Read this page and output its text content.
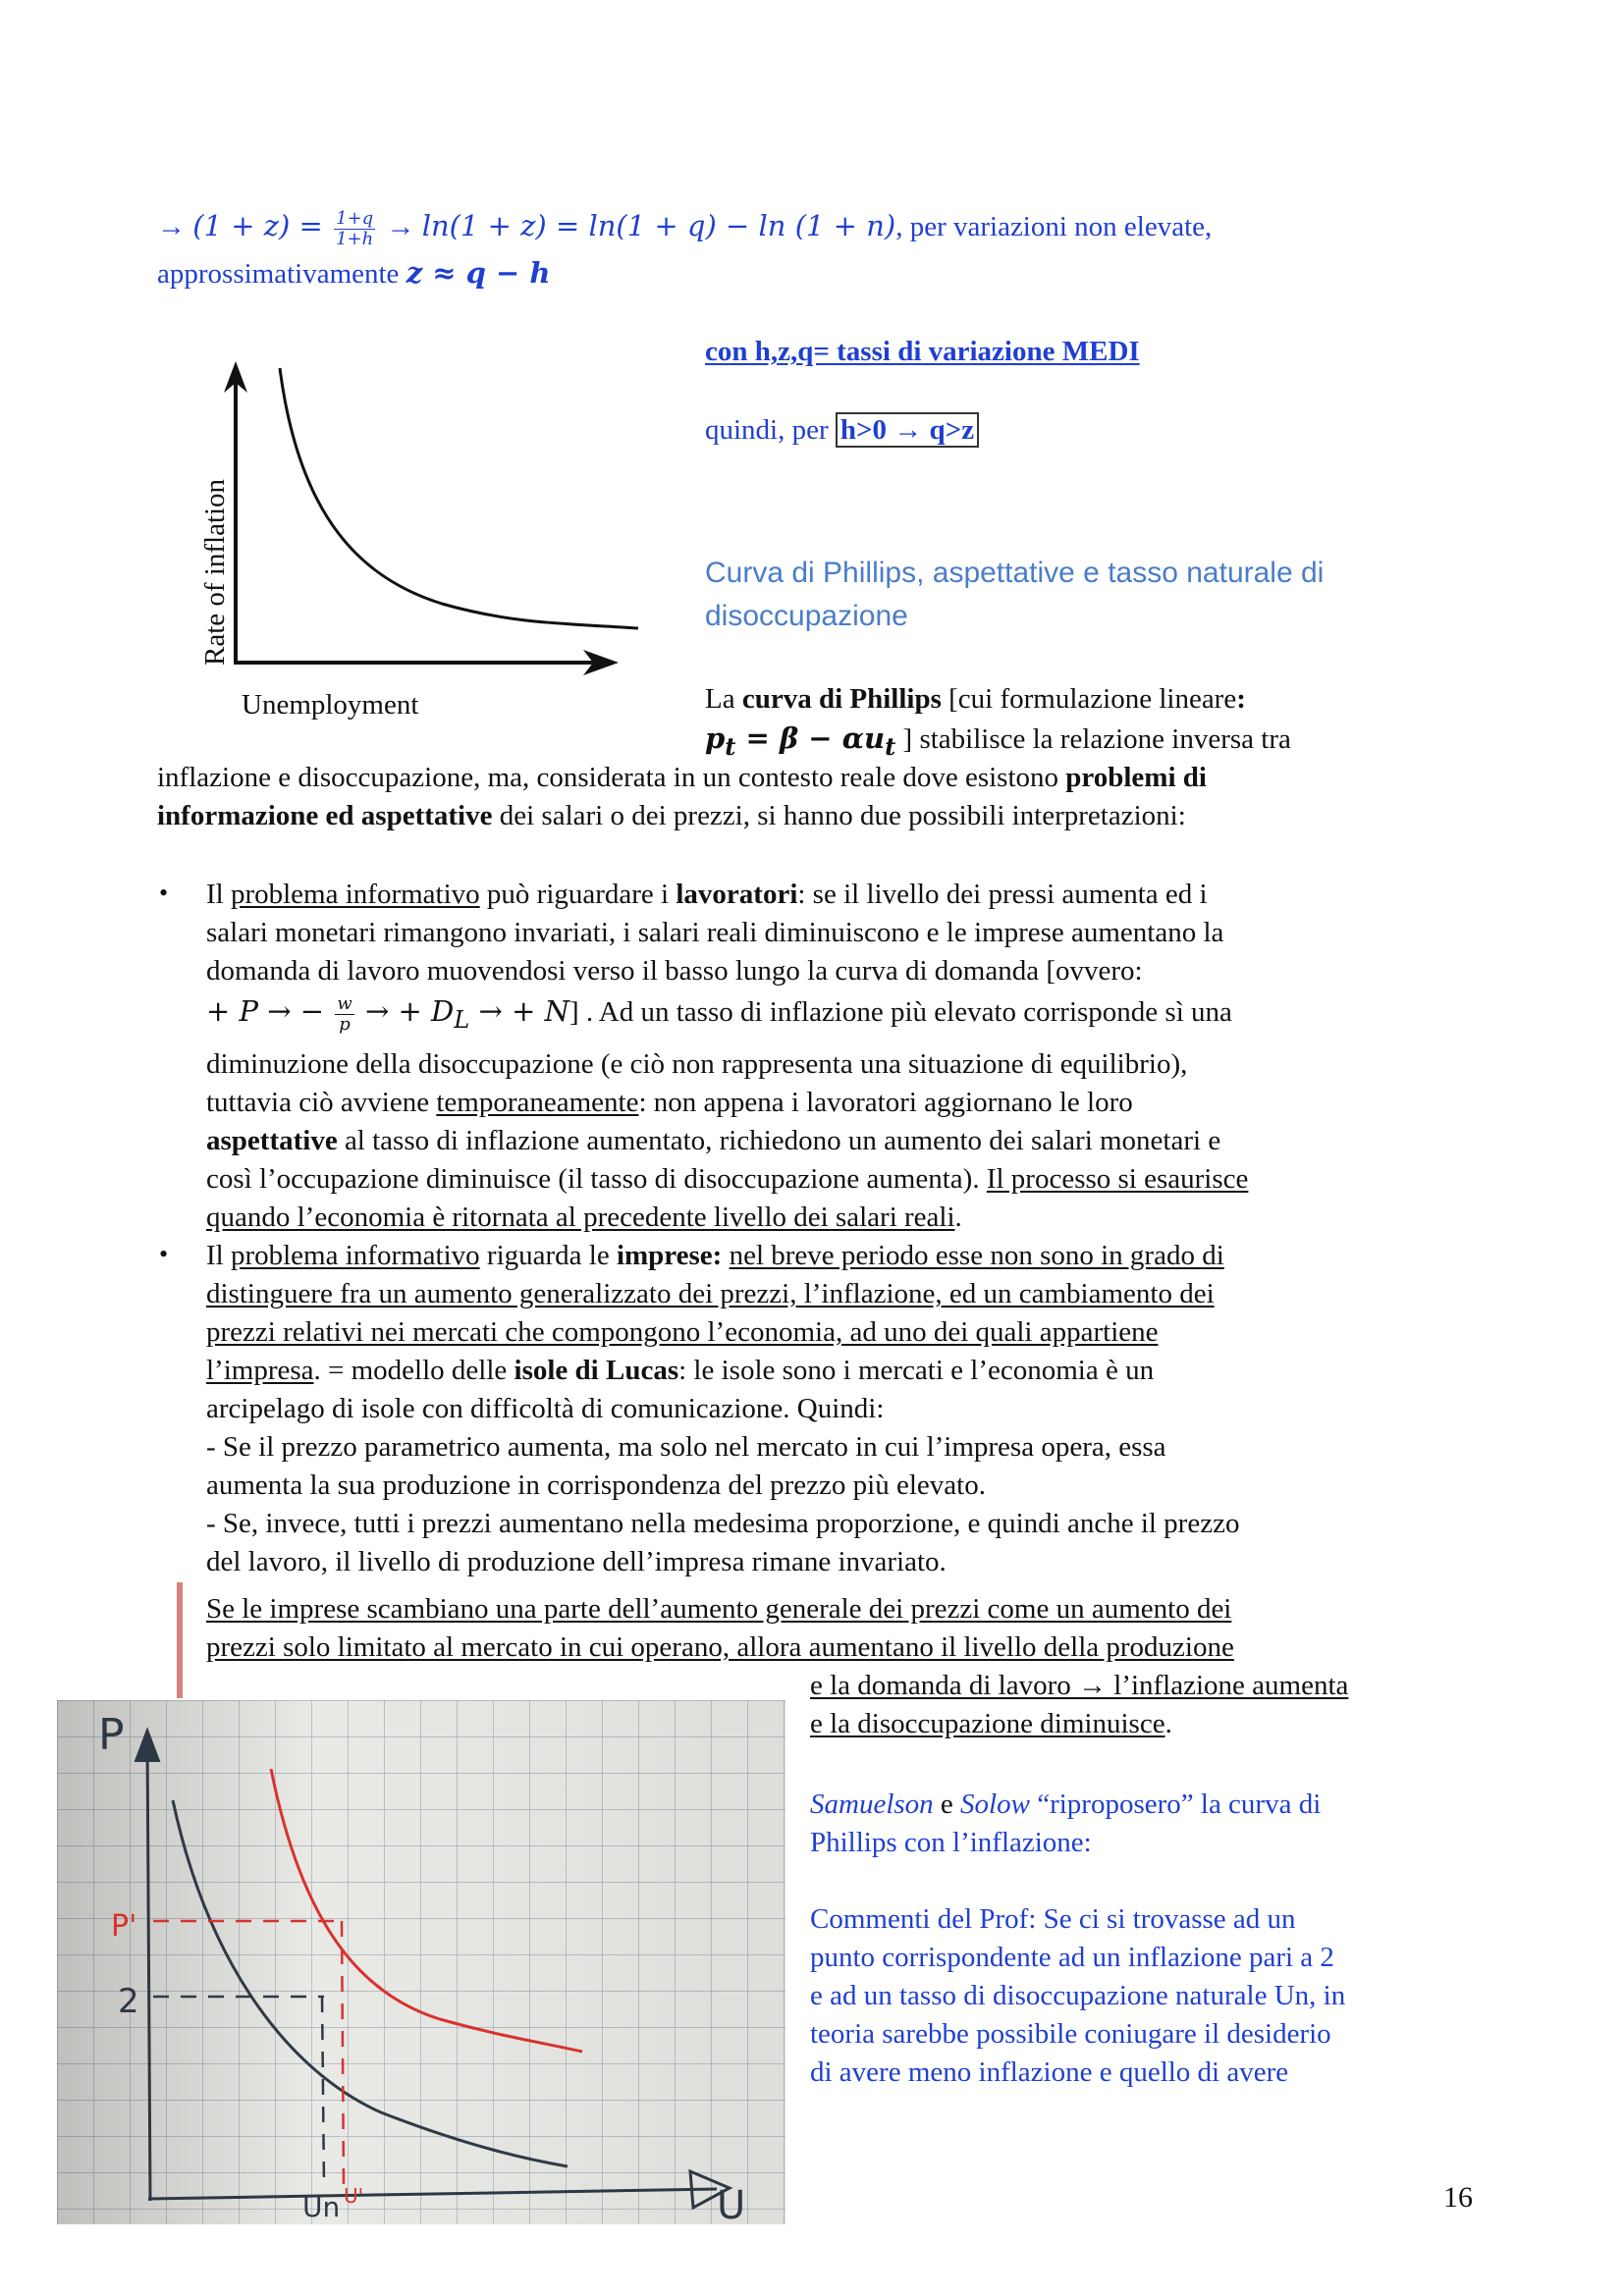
→ $(1 + z) = \frac{1+q}{1+h} \to \ln(1 + z) = \ln(1 + q) - \ln (1 + n)$, per variazioni non elevate,
approssimativamente z ≈ q − h
con h,z,q= tassi di variazione MEDI
quindi, per h>0 → q>z
Curva di Phillips, aspettative e tasso naturale di
disoccupazione
Rate of inflation
Unemployment	La curva di Phillips [cui formulazione lineare:
$p_t = \beta - \alpha u_t$ ] stabilisce la relazione inversa tra
inflazione e disoccupazione, ma, considerata in un contesto reale dove esistono problemi di
informazione ed aspettative dei salari o dei prezzi, si hanno due possibili interpretazioni:
• Il problema informativo può riguardare i lavoratori: se il livello dei pressi aumenta ed i
salari monetari rimangono invariati, i salari reali diminuiscono e le imprese aumentano la
domanda di lavoro muovendosi verso il basso lungo la curva di domanda [ovvero:
+ P → − $\frac{w}{p}$ → + $D_L$ → + N] . Ad un tasso di inflazione più elevato corrisponde sì una
diminuzione della disoccupazione (e ciò non rappresenta una situazione di equilibrio),
tuttavia ciò avviene temporaneamente: non appena i lavoratori aggiornano le loro
aspettative al tasso di inflazione aumentato, richiedono un aumento dei salari monetari e
così l’occupazione diminuisce (il tasso di disoccupazione aumenta). Il processo si esaurisce
quando l’economia è ritornata al precedente livello dei salari reali.
• Il problema informativo riguarda le imprese: nel breve periodo esse non sono in grado di
distinguere fra un aumento generalizzato dei prezzi, l’inflazione, ed un cambiamento dei
prezzi relativi nei mercati che compongono l’economia, ad uno dei quali appartiene
l’impresa. = modello delle isole di Lucas: le isole sono i mercati e l’economia è un
arcipelago di isole con difficoltà di comunicazione. Quindi:
- Se il prezzo parametrico aumenta, ma solo nel mercato in cui l’impresa opera, essa
aumenta la sua produzione in corrispondenza del prezzo più elevato.
- Se, invece, tutti i prezzi aumentano nella medesima proporzione, e quindi anche il prezzo
del lavoro, il livello di produzione dell’impresa rimane invariato.
Se le imprese scambiano una parte dell’aumento generale dei prezzi come un aumento dei
prezzi solo limitato al mercato in cui operano, allora aumentano il livello della produzione
e la domanda di lavoro → l’inflazione aumenta
e la disoccupazione diminuisce.
Samuelson e Solow “riproposero” la curva di
Phillips con l’inflazione:
Commenti del Prof: Se ci si trovasse ad un
punto corrispondente ad un inflazione pari a 2
e ad un tasso di disoccupazione naturale Un, in
teoria sarebbe possibile coniugare il desiderio
di avere meno inflazione e quello di avere
P
U
P'
2
Un U'	16
